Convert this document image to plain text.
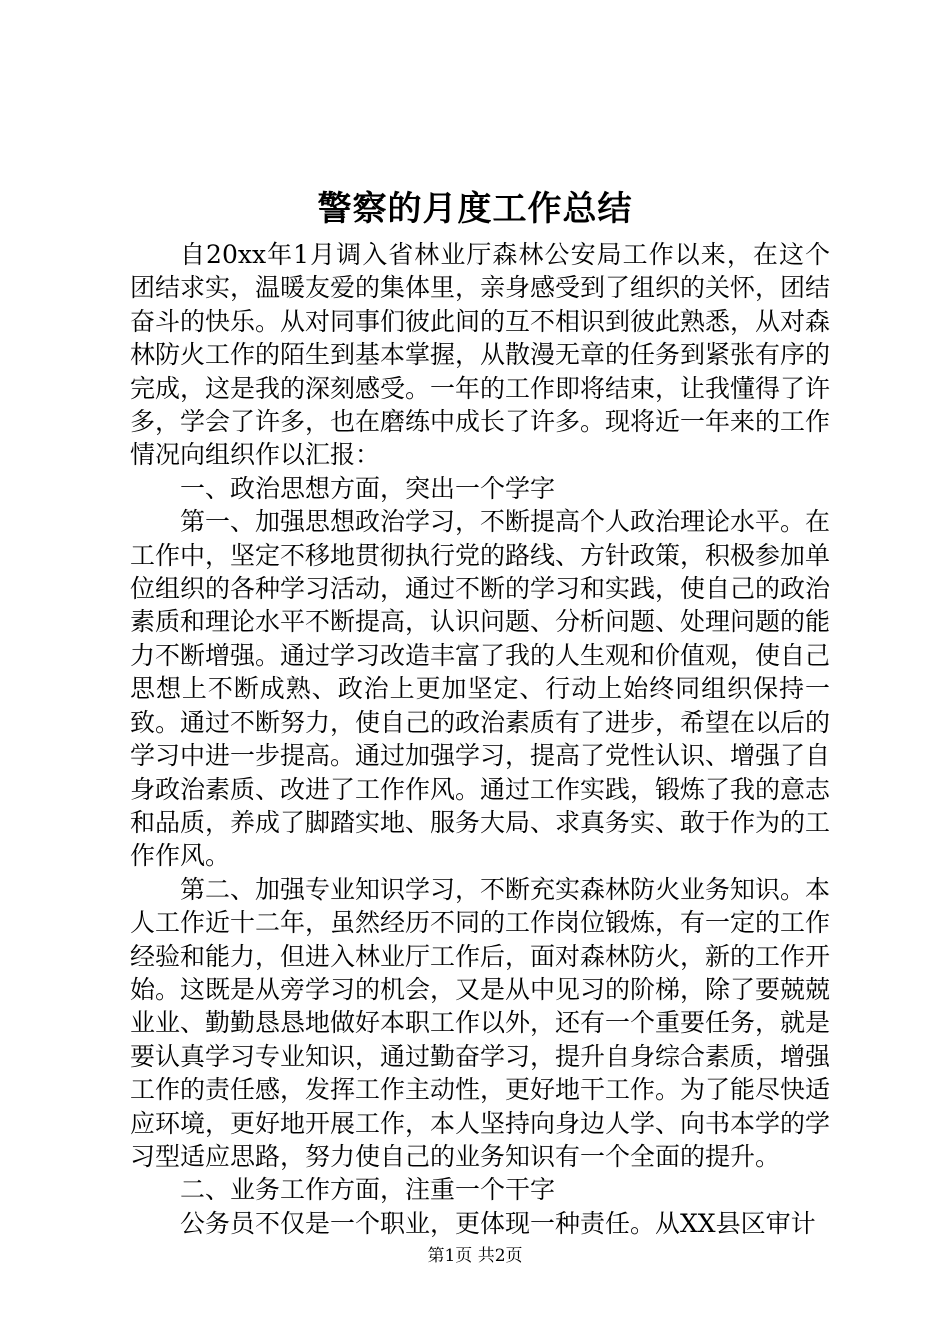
警察的月度工作总结

自20xx年1月调入省林业厅森林公安局工作以来，在这个团结求实，温暖友爱的集体里，亲身感受到了组织的关怀，团结奋斗的快乐。从对同事们彼此间的互不相识到彼此熟悉，从对森林防火工作的陌生到基本掌握，从散漫无章的任务到紧张有序的完成，这是我的深刻感受。一年的工作即将结束，让我懂得了许多，学会了许多，也在磨练中成长了许多。现将近一年来的工作情况向组织作以汇报：

一、政治思想方面，突出一个学字

第一、加强思想政治学习，不断提高个人政治理论水平。在工作中，坚定不移地贯彻执行党的路线、方针政策，积极参加单位组织的各种学习活动，通过不断的学习和实践，使自己的政治素质和理论水平不断提高，认识问题、分析问题、处理问题的能力不断增强。通过学习改造丰富了我的人生观和价值观，使自己思想上不断成熟、政治上更加坚定、行动上始终同组织保持一致。通过不断努力，使自己的政治素质有了进步，希望在以后的学习中进一步提高。通过加强学习，提高了党性认识、增强了自身政治素质、改进了工作作风。通过工作实践，锻炼了我的意志和品质，养成了脚踏实地、服务大局、求真务实、敢于作为的工作作风。

第二、加强专业知识学习，不断充实森林防火业务知识。本人工作近十二年，虽然经历不同的工作岗位锻炼，有一定的工作经验和能力，但进入林业厅工作后，面对森林防火，新的工作开始。这既是从旁学习的机会，又是从中见习的阶梯，除了要兢兢业业、勤勤恳恳地做好本职工作以外，还有一个重要任务，就是要认真学习专业知识，通过勤奋学习，提升自身综合素质，增强工作的责任感，发挥工作主动性，更好地干工作。为了能尽快适应环境，更好地开展工作，本人坚持向身边人学、向书本学的学习型适应思路，努力使自己的业务知识有一个全面的提升。

二、业务工作方面，注重一个干字

公务员不仅是一个职业，更体现一种责任。从XX县区审计

第1页 共2页
